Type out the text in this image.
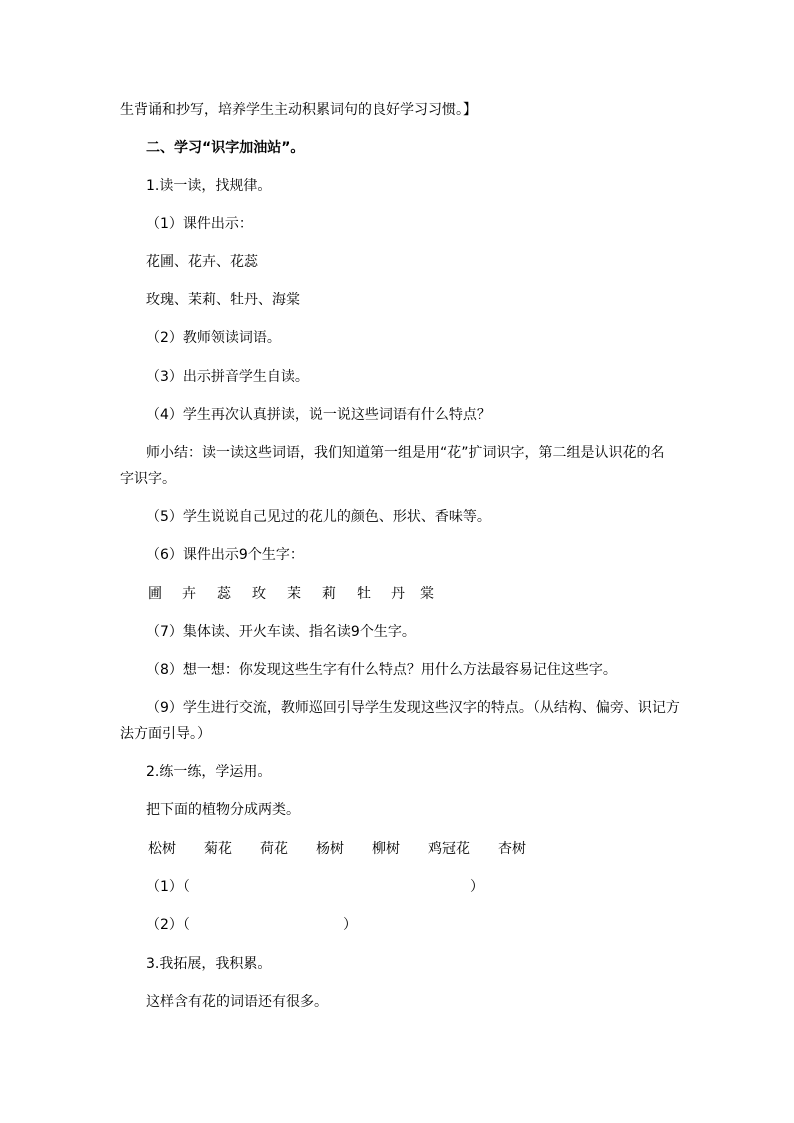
生背诵和抄写，培养学生主动积累词句的良好学习习惯。】
二、学习“识字加油站”。
1.读一读，找规律。
（1）课件出示：
花圃、花卉、花蕊
玫瑰、茉莉、牡丹、海棠
（2）教师领读词语。
（3）出示拼音学生自读。
（4）学生再次认真拼读，说一说这些词语有什么特点？
师小结：读一读这些词语，我们知道第一组是用“花”扩词识字，第二组是认识花的名
字识字。
（5）学生说说自己见过的花儿的颜色、形状、香味等。
（6）课件出示9个生字：
圃 卉 蕊 玫 茉 莉 牡 丹 棠
（7）集体读、开火车读、指名读9个生字。
（8）想一想：你发现这些生字有什么特点？用什么方法最容易记住这些字。
（9）学生进行交流，教师巡回引导学生发现这些汉字的特点。（从结构、偏旁、识记方
法方面引导。）
2.练一练，学运用。
把下面的植物分成两类。
松树 菊花 荷花 杨树 柳树 鸡冠花 杏树
（1）（	）
（2）（	）
3.我拓展，我积累。
这样含有花的词语还有很多。
